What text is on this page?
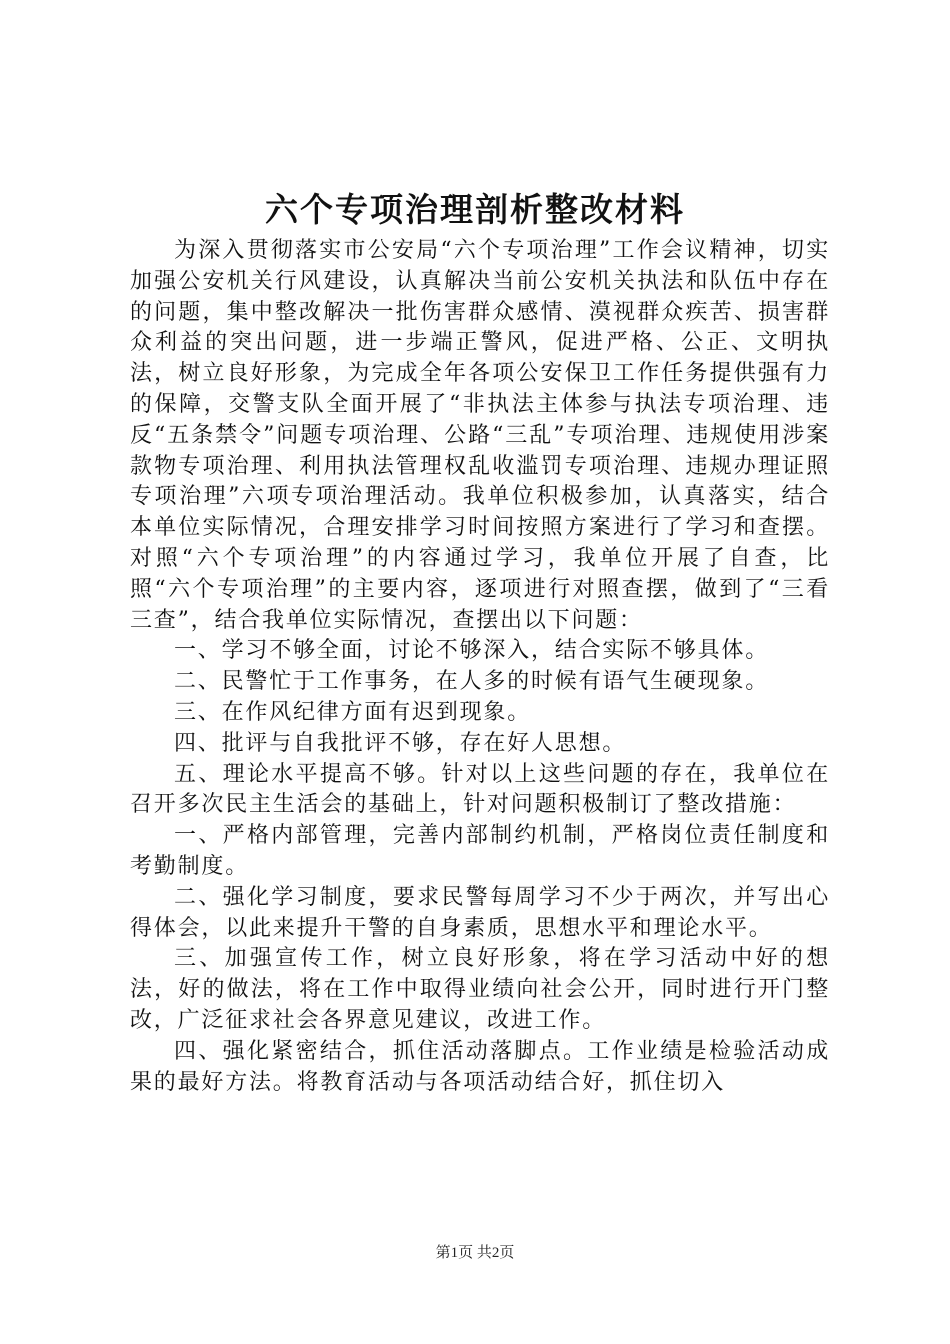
六个专项治理剖析整改材料

为深入贯彻落实市公安局“六个专项治理”工作会议精神，切实加强公安机关行风建设，认真解决当前公安机关执法和队伍中存在的问题，集中整改解决一批伤害群众感情、漠视群众疾苦、损害群众利益的突出问题，进一步端正警风，促进严格、公正、文明执法，树立良好形象，为完成全年各项公安保卫工作任务提供强有力的保障，交警支队全面开展了“非执法主体参与执法专项治理、违反“五条禁令”问题专项治理、公路“三乱”专项治理、违规使用涉案款物专项治理、利用执法管理权乱收滥罚专项治理、违规办理证照专项治理”六项专项治理活动。我单位积极参加，认真落实，结合本单位实际情况，合理安排学习时间按照方案进行了学习和查摆。对照“六个专项治理”的内容通过学习，我单位开展了自查，比照“六个专项治理”的主要内容，逐项进行对照查摆，做到了“三看三查”，结合我单位实际情况，查摆出以下问题：

一、学习不够全面，讨论不够深入，结合实际不够具体。

二、民警忙于工作事务，在人多的时候有语气生硬现象。

三、在作风纪律方面有迟到现象。

四、批评与自我批评不够，存在好人思想。

五、理论水平提高不够。针对以上这些问题的存在，我单位在召开多次民主生活会的基础上，针对问题积极制订了整改措施：

一、严格内部管理，完善内部制约机制，严格岗位责任制度和考勤制度。

二、强化学习制度，要求民警每周学习不少于两次，并写出心得体会，以此来提升干警的自身素质，思想水平和理论水平。

三、加强宣传工作，树立良好形象，将在学习活动中好的想法，好的做法，将在工作中取得业绩向社会公开，同时进行开门整改，广泛征求社会各界意见建议，改进工作。

四、强化紧密结合，抓住活动落脚点。工作业绩是检验活动成果的最好方法。将教育活动与各项活动结合好，抓住切入

第1页 共2页
